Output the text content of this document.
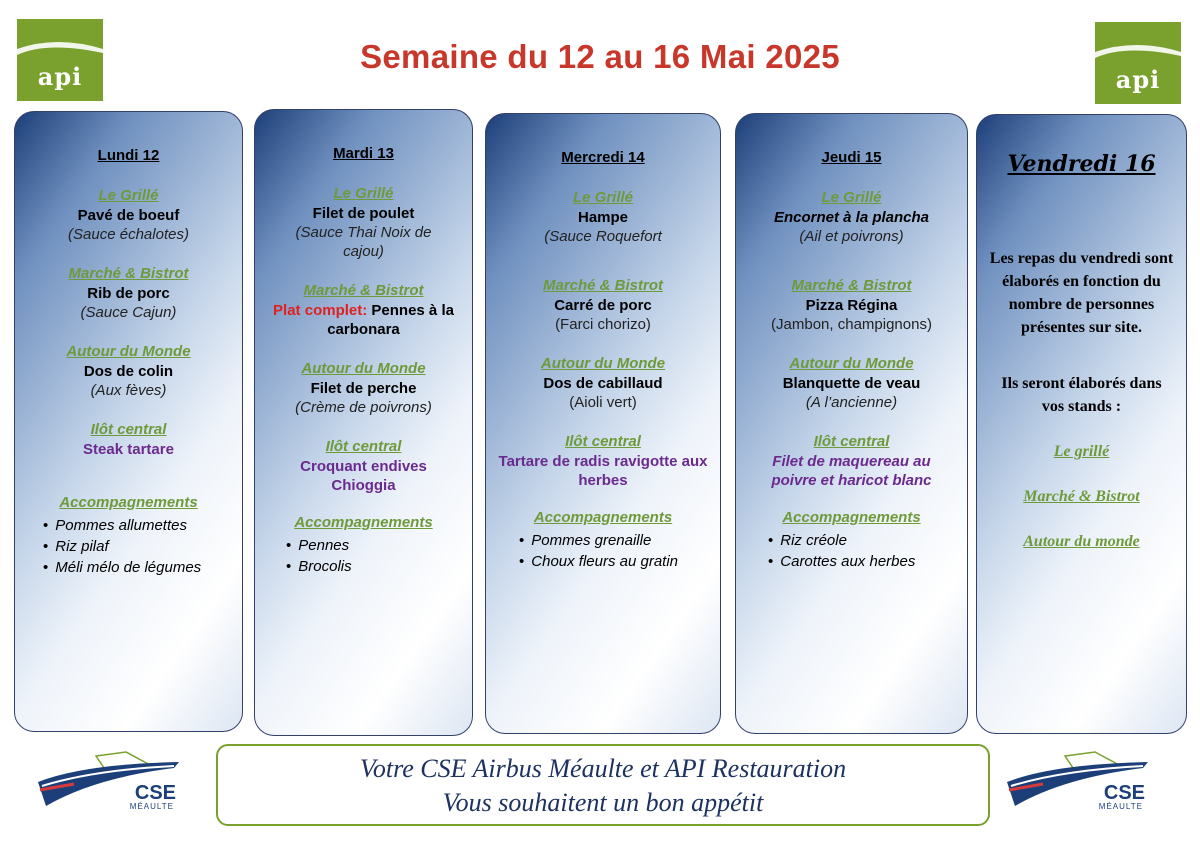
api	api
Semaine du 12 au 16 Mai 2025
Lundi 12
Le Grillé
Pavé de boeuf
(Sauce échalotes)
Marché & Bistrot
Rib de porc
(Sauce Cajun)
Autour du Monde
Dos de colin
(Aux fèves)
Ilôt central
Steak tartare
Accompagnements
• Pommes allumettes
• Riz pilaf
• Méli mélo de légumes
Mardi 13
Le Grillé
Filet de poulet
(Sauce Thai Noix de cajou)
Marché & Bistrot
Plat complet: Pennes à la carbonara
Autour du Monde
Filet de perche
(Crème de poivrons)
Ilôt central
Croquant endives Chioggia
Accompagnements
• Pennes
• Brocolis
Mercredi 14
Le Grillé
Hampe
(Sauce Roquefort
Marché & Bistrot
Carré de porc
(Farci chorizo)
Autour du Monde
Dos de cabillaud
(Aioli vert)
Ilôt central
Tartare de radis ravigotte aux herbes
Accompagnements
• Pommes grenaille
• Choux fleurs au gratin
Jeudi 15
Le Grillé
Encornet à la plancha
(Ail et poivrons)
Marché & Bistrot
Pizza Régina
(Jambon, champignons)
Autour du Monde
Blanquette de veau
(A l’ancienne)
Ilôt central
Filet de maquereau au poivre et haricot blanc
Accompagnements
• Riz créole
• Carottes aux herbes
Vendredi 16
Les repas du vendredi sont élaborés en fonction du nombre de personnes présentes sur site.
Ils seront élaborés dans vos stands :
Le grillé
Marché & Bistrot
Autour du monde
CSE
MÉAULTE
CSE
MÉAULTE
Votre CSE Airbus Méaulte et API Restauration
Vous souhaitent un bon appétit
